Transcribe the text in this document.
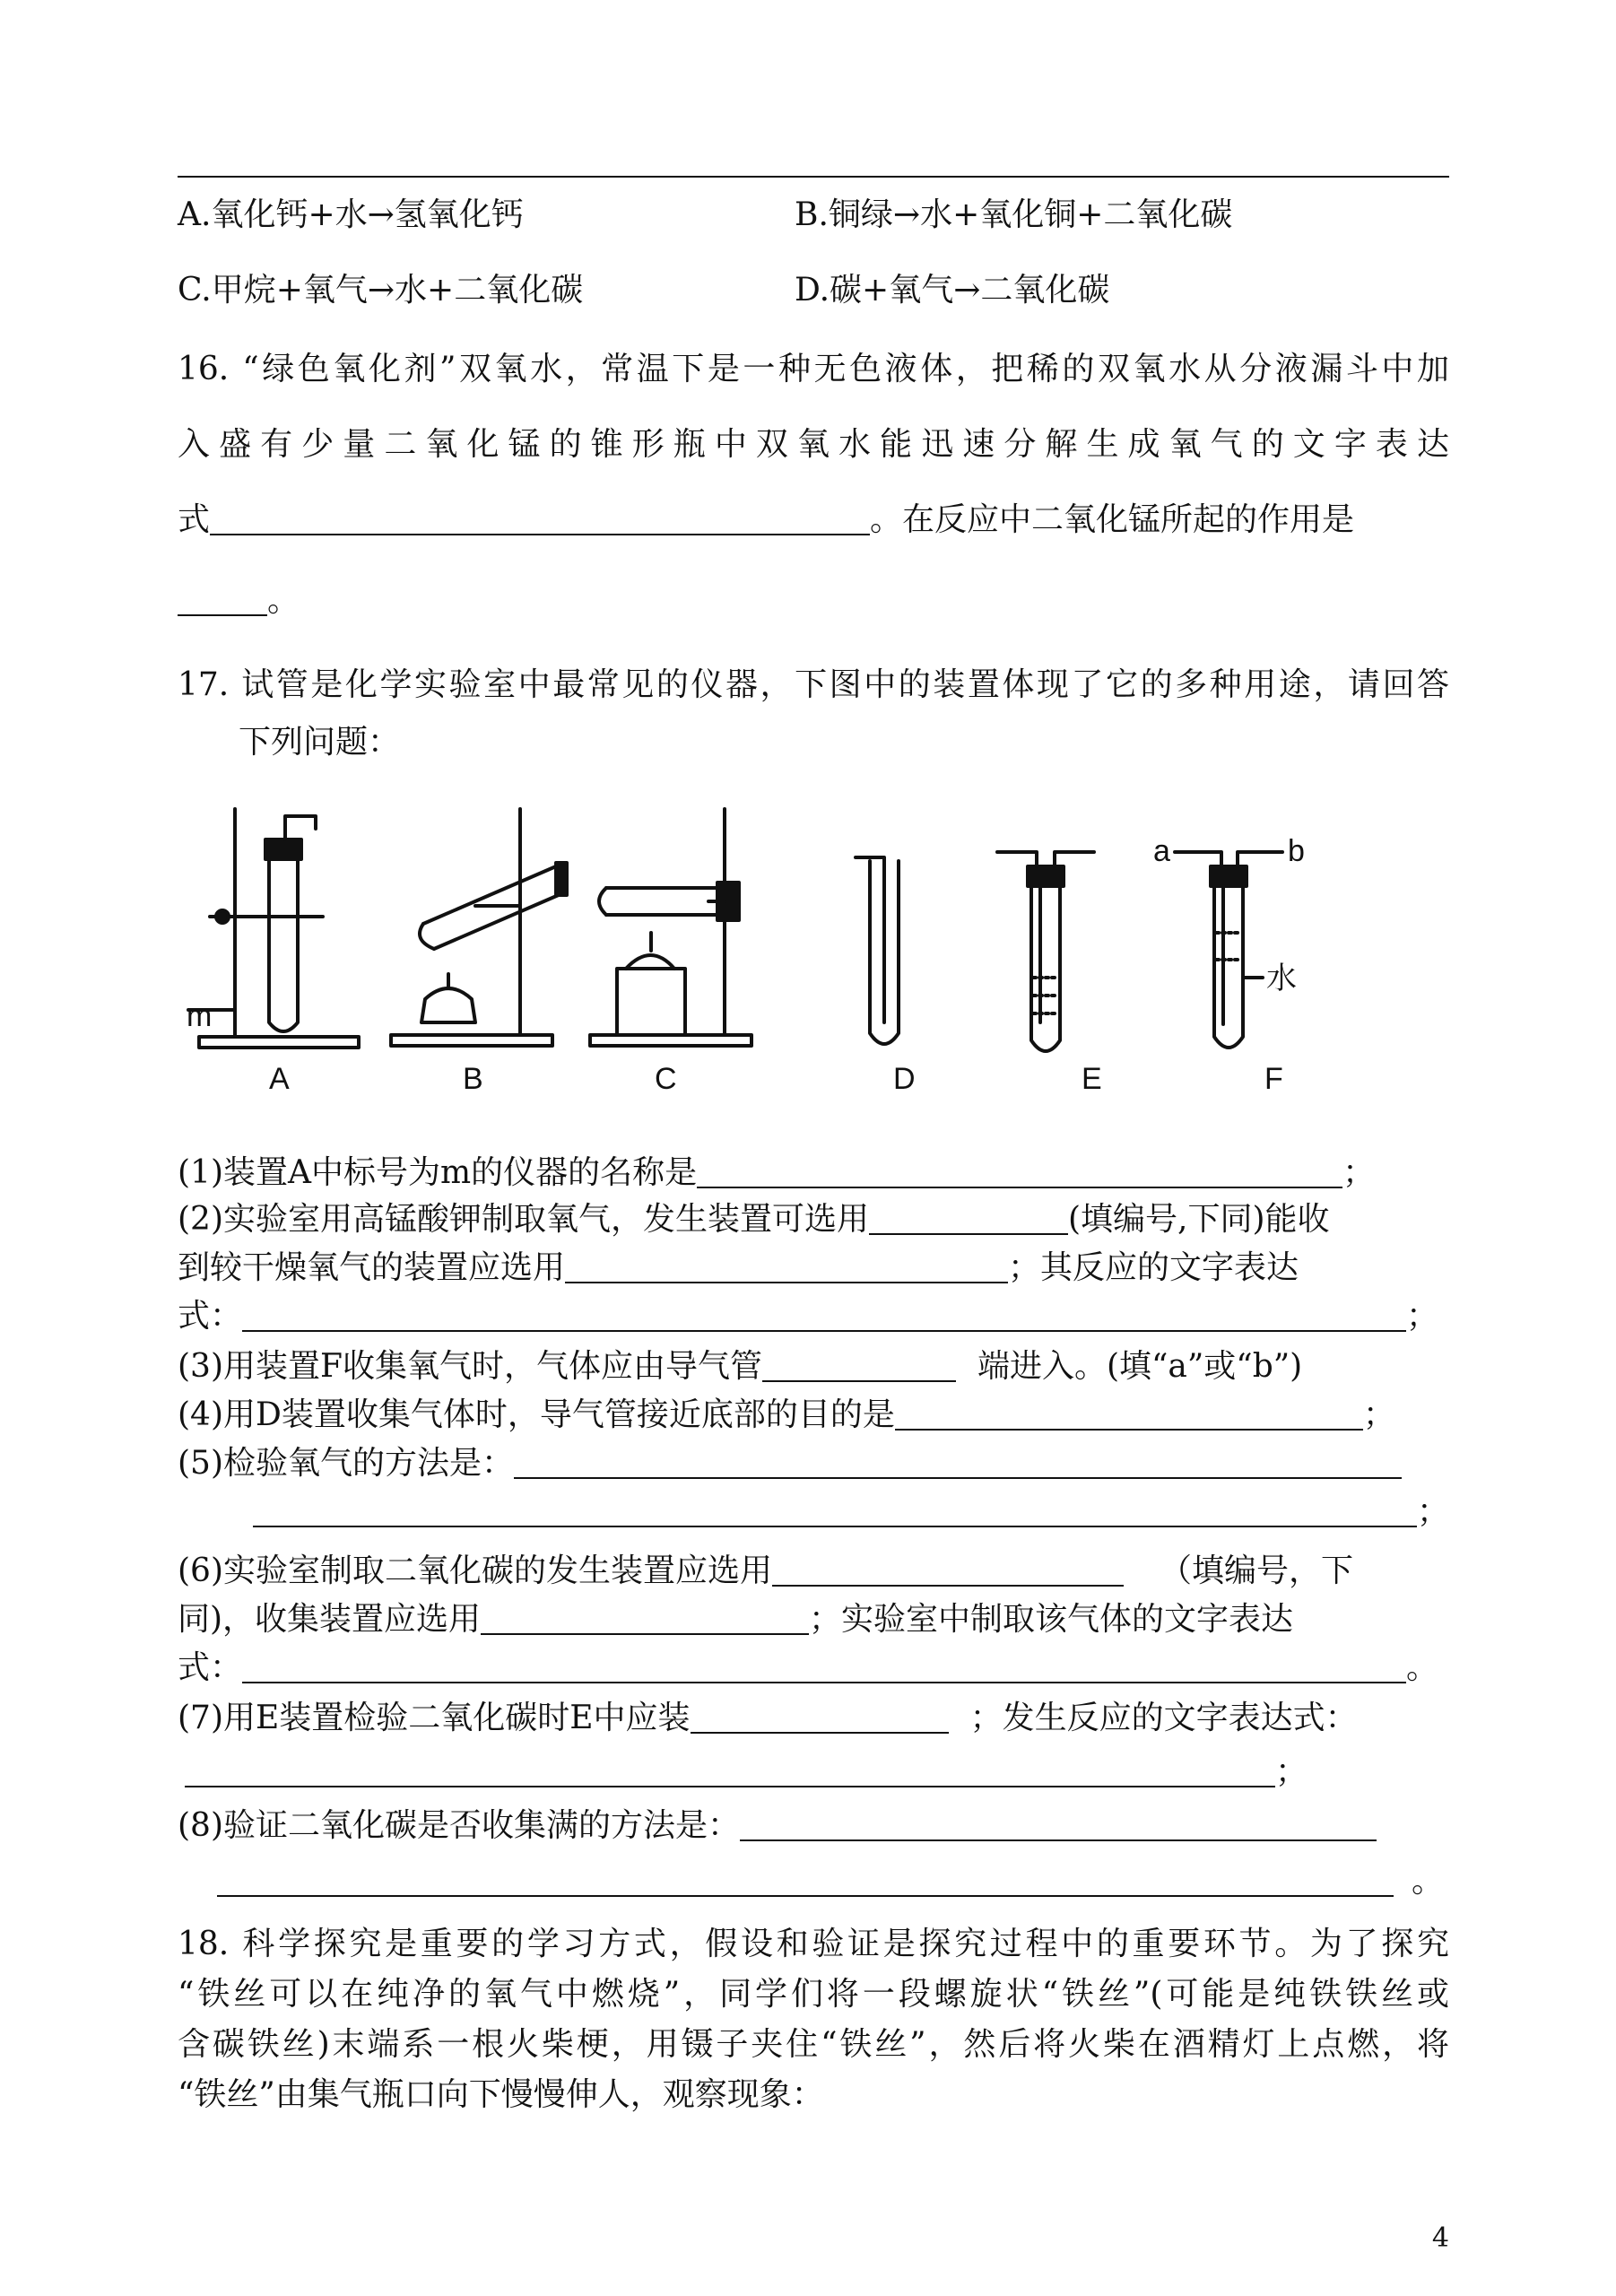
A.氧化钙+水→氢氧化钙	B.铜绿→水+氧化铜+二氧化碳
C.甲烷+氧气→水+二氧化碳	D.碳+氧气→二氧化碳
16. “绿色氧化剂”双氧水，常温下是一种无色液体，把稀的双氧水从分液漏斗中加
入盛有少量二氧化锰的锥形瓶中双氧水能迅速分解生成氧气的文字表达
式	。在反应中二氧化锰所起的作用是
。
17. 试管是化学实验室中最常见的仪器，下图中的装置体现了它的多种用途，请回答
下列问题：
m
A	B	C	D	E	F
a	b
水
(1)装置A中标号为m的仪器的名称是	；
(2)实验室用高锰酸钾制取氧气，发生装置可选用	(填编号,下同)能收
到较干燥氧气的装置应选用	；其反应的文字表达
式：	；
(3)用装置F收集氧气时，气体应由导气管	端进入。(填“a”或“b”)
(4)用D装置收集气体时，导气管接近底部的目的是	；
(5)检验氧气的方法是：
；
(6)实验室制取二氧化碳的发生装置应选用	（填编号，下
同)，收集装置应选用	；实验室中制取该气体的文字表达
式：	。
(7)用E装置检验二氧化碳时E中应装	；发生反应的文字表达式：
；
(8)验证二氧化碳是否收集满的方法是：
。
18. 科学探究是重要的学习方式，假设和验证是探究过程中的重要环节。为了探究
“铁丝可以在纯净的氧气中燃烧”，同学们将一段螺旋状“铁丝”(可能是纯铁铁丝或
含碳铁丝)末端系一根火柴梗，用镊子夹住“铁丝”，然后将火柴在酒精灯上点燃，将
“铁丝”由集气瓶口向下慢慢伸人，观察现象：
4
